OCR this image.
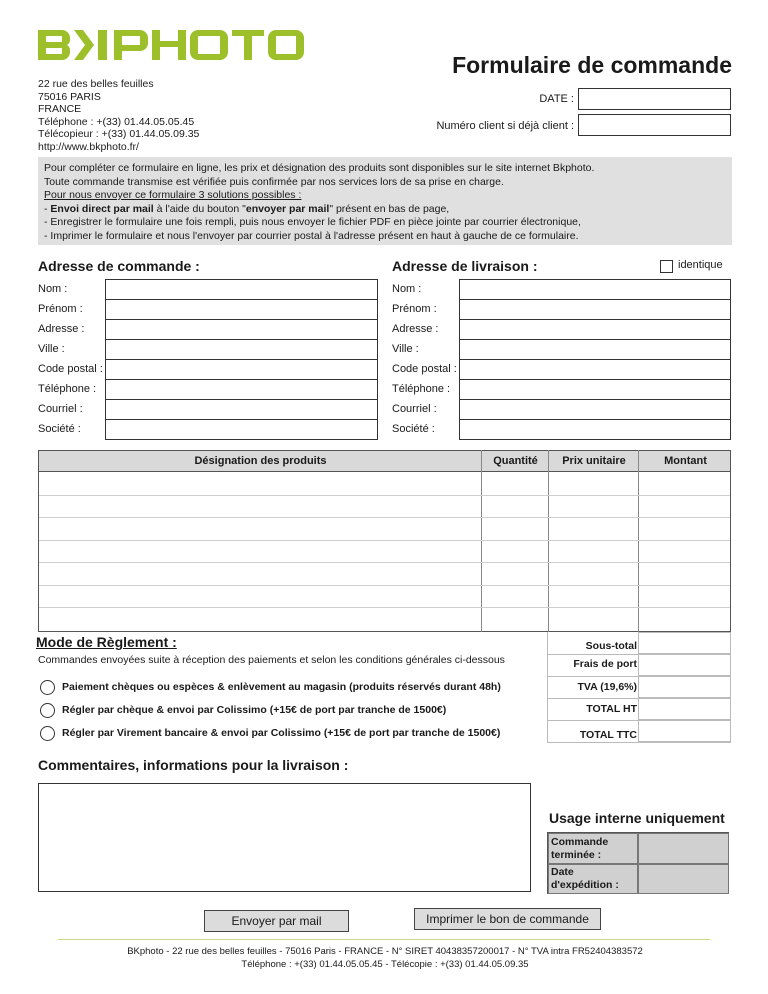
22 rue des belles feuilles
75016 PARIS
FRANCE
Téléphone : +(33) 01.44.05.05.45
Télécopieur : +(33) 01.44.05.09.35
http://www.bkphoto.fr/
Formulaire de commande
DATE :
Numéro client si déjà client :
Pour compléter ce formulaire en ligne, les prix et désignation des produits sont disponibles sur le site internet Bkphoto.
Toute commande transmise est vérifiée puis confirmée par nos services lors de sa prise en charge.
Pour nous envoyer ce formulaire 3 solutions possibles :
- Envoi direct par mail à l'aide du bouton "envoyer par mail" présent en bas de page,
- Enregistrer le formulaire une fois rempli, puis nous envoyer le fichier PDF en pièce jointe par courrier électronique,
- Imprimer le formulaire et nous l'envoyer par courrier postal à l'adresse présent en haut à gauche de ce formulaire.
Adresse de commande :	Adresse de livraison :	identique
Nom :
Prénom :
Adresse :
Ville :
Code postal :
Téléphone :
Courriel :
Société :
Nom :
Prénom :
Adresse :
Ville :
Code postal :
Téléphone :
Courriel :
Société :
Désignation des produits	Quantité	Prix unitaire	Montant
Mode de Règlement :
Commandes envoyées suite à réception des paiements et selon les conditions générales ci-dessous
Paiement chèques ou espèces & enlèvement au magasin (produits réservés durant 48h)
Régler par chèque & envoi par Colissimo (+15€ de port par tranche de 1500€)
Régler par Virement bancaire & envoi par Colissimo (+15€ de port par tranche de 1500€)
Sous-total
Frais de port
TVA (19,6%)
TOTAL HT
TOTAL TTC
Commentaires, informations pour la livraison :
Usage interne uniquement
Commande
terminée :
Date
d'expédition :
Envoyer par mail	Imprimer le bon de commande
BKphoto - 22 rue des belles feuilles - 75016 Paris - FRANCE - N° SIRET 40438357200017 - N° TVA intra FR52404383572
Téléphone : +(33) 01.44.05.05.45 - Télécopie : +(33) 01.44.05.09.35
